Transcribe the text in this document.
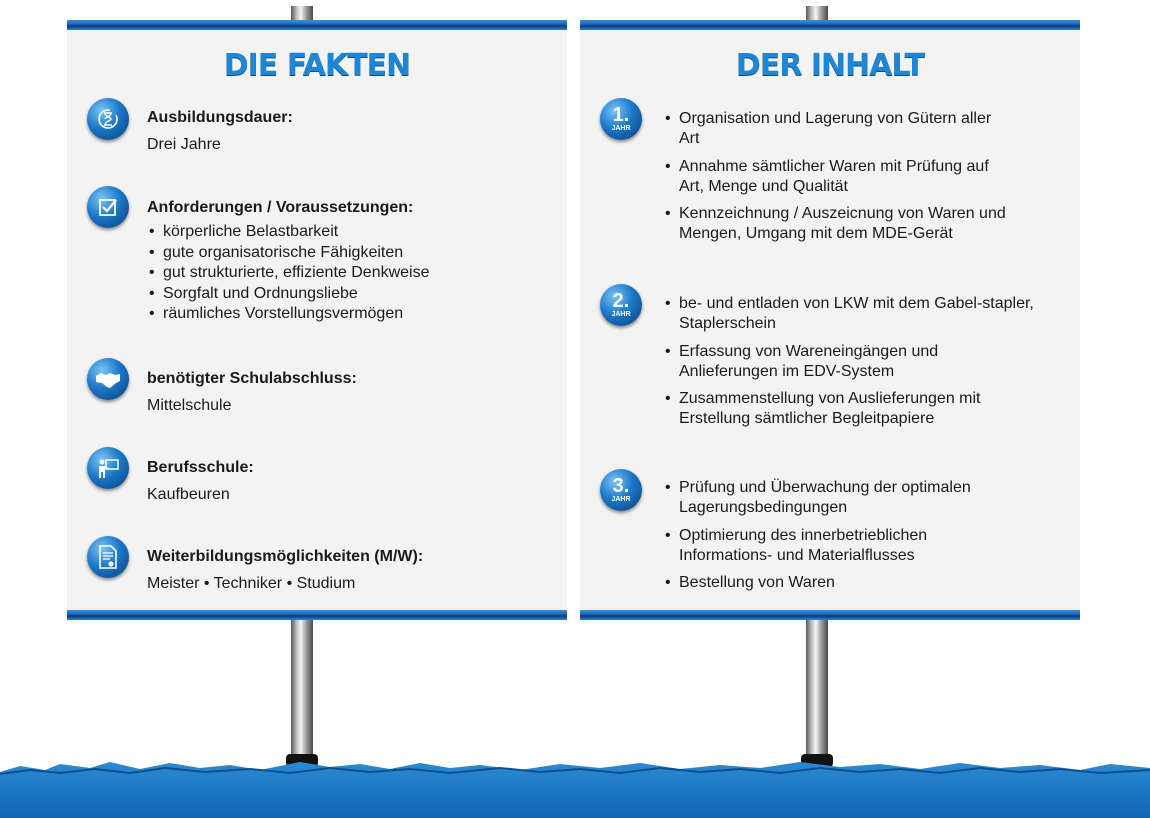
DIE FAKTEN
Ausbildungsdauer:
Drei Jahre
Anforderungen / Voraussetzungen:
• körperliche Belastbarkeit
• gute organisatorische Fähigkeiten
• gut strukturierte, effiziente Denkweise
• Sorgfalt und Ordnungsliebe
• räumliches Vorstellungsvermögen
benötigter Schulabschluss:
Mittelschule
Berufsschule:
Kaufbeuren
Weiterbildungsmöglichkeiten (M/W):
Meister • Techniker • Studium
DER INHALT
1.
JAHR
• Organisation und Lagerung von Gütern aller Art
• Annahme sämtlicher Waren mit Prüfung auf Art, Menge und Qualität
• Kennzeichnung / Auszeicnung von Waren und Mengen, Umgang mit dem MDE-Gerät
2.
JAHR
• be- und entladen von LKW mit dem Gabel-stapler, Staplerschein
• Erfassung von Wareneingängen und Anlieferungen im EDV-System
• Zusammenstellung von Auslieferungen mit Erstellung sämtlicher Begleitpapiere
3.
JAHR
• Prüfung und Überwachung der optimalen Lagerungsbedingungen
• Optimierung des innerbetrieblichen Informations- und Materialflusses
• Bestellung von Waren
